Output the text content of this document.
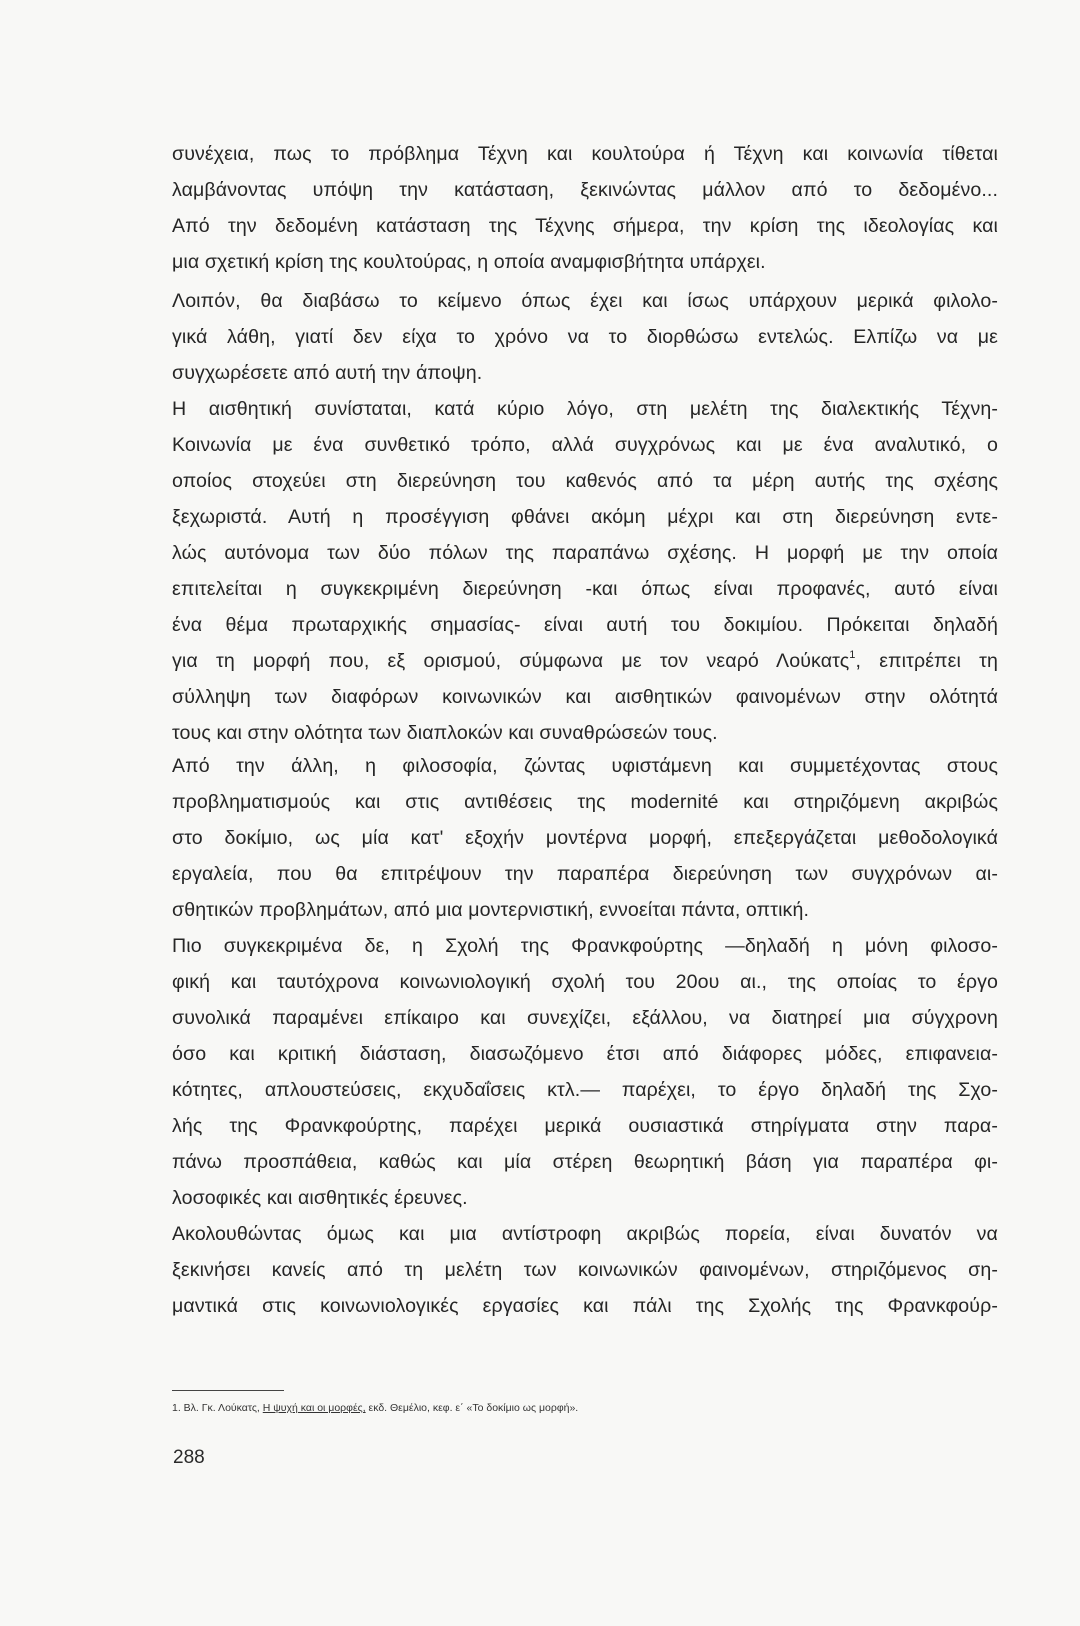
συνέχεια, πως το πρόβλημα Τέχνη και κουλτούρα ή Τέχνη και κοινωνία τίθεται
λαμβάνοντας υπόψη την κατάσταση, ξεκινώντας μάλλον από το δεδομένο...
Από την δεδομένη κατάσταση της Τέχνης σήμερα, την κρίση της ιδεολογίας και
μια σχετική κρίση της κουλτούρας, η οποία αναμφισβήτητα υπάρχει.
Λοιπόν, θα διαβάσω το κείμενο όπως έχει και ίσως υπάρχουν μερικά φιλολο-
γικά λάθη, γιατί δεν είχα το χρόνο να το διορθώσω εντελώς. Ελπίζω να με
συγχωρέσετε από αυτή την άποψη.
Η αισθητική συνίσταται, κατά κύριο λόγο, στη μελέτη της διαλεκτικής Τέχνη-
Κοινωνία με ένα συνθετικό τρόπο, αλλά συγχρόνως και με ένα αναλυτικό, ο
οποίος στοχεύει στη διερεύνηση του καθενός από τα μέρη αυτής της σχέσης
ξεχωριστά. Αυτή η προσέγγιση φθάνει ακόμη μέχρι και στη διερεύνηση εντε-
λώς αυτόνομα των δύο πόλων της παραπάνω σχέσης. Η μορφή με την οποία
επιτελείται η συγκεκριμένη διερεύνηση -και όπως είναι προφανές, αυτό είναι
ένα θέμα πρωταρχικής σημασίας- είναι αυτή του δοκιμίου. Πρόκειται δηλαδή
για τη μορφή που, εξ ορισμού, σύμφωνα με τον νεαρό Λούκατς$^1$, επιτρέπει τη
σύλληψη των διαφόρων κοινωνικών και αισθητικών φαινομένων στην ολότητά
τους και στην ολότητα των διαπλοκών και συναθρώσεών τους.
Από την άλλη, η φιλοσοφία, ζώντας υφιστάμενη και συμμετέχοντας στους
προβληματισμούς και στις αντιθέσεις της modernité και στηριζόμενη ακριβώς
στο δοκίμιο, ως μία κατ' εξοχήν μοντέρνα μορφή, επεξεργάζεται μεθοδολογικά
εργαλεία, που θα επιτρέψουν την παραπέρα διερεύνηση των συγχρόνων αι-
σθητικών προβλημάτων, από μια μοντερνιστική, εννοείται πάντα, οπτική.
Πιο συγκεκριμένα δε, η Σχολή της Φρανκφούρτης —δηλαδή η μόνη φιλοσο-
φική και ταυτόχρονα κοινωνιολογική σχολή του 20ου αι., της οποίας το έργο
συνολικά παραμένει επίκαιρο και συνεχίζει, εξάλλου, να διατηρεί μια σύγχρονη
όσο και κριτική διάσταση, διασωζόμενο έτσι από διάφορες μόδες, επιφανεια-
κότητες, απλουστεύσεις, εκχυδαΐσεις κτλ.— παρέχει, το έργο δηλαδή της Σχο-
λής της Φρανκφούρτης, παρέχει μερικά ουσιαστικά στηρίγματα στην παρα-
πάνω προσπάθεια, καθώς και μία στέρεη θεωρητική βάση για παραπέρα φι-
λοσοφικές και αισθητικές έρευνες.
Ακολουθώντας όμως και μια αντίστροφη ακριβώς πορεία, είναι δυνατόν να
ξεκινήσει κανείς από τη μελέτη των κοινωνικών φαινομένων, στηριζόμενος ση-
μαντικά στις κοινωνιολογικές εργασίες και πάλι της Σχολής της Φρανκφούρ-
1. Βλ. Γκ. Λούκατς, Η ψυχή και οι μορφές, εκδ. Θεμέλιο, κεφ. ε΄ «Το δοκίμιο ως μορφή».
288
